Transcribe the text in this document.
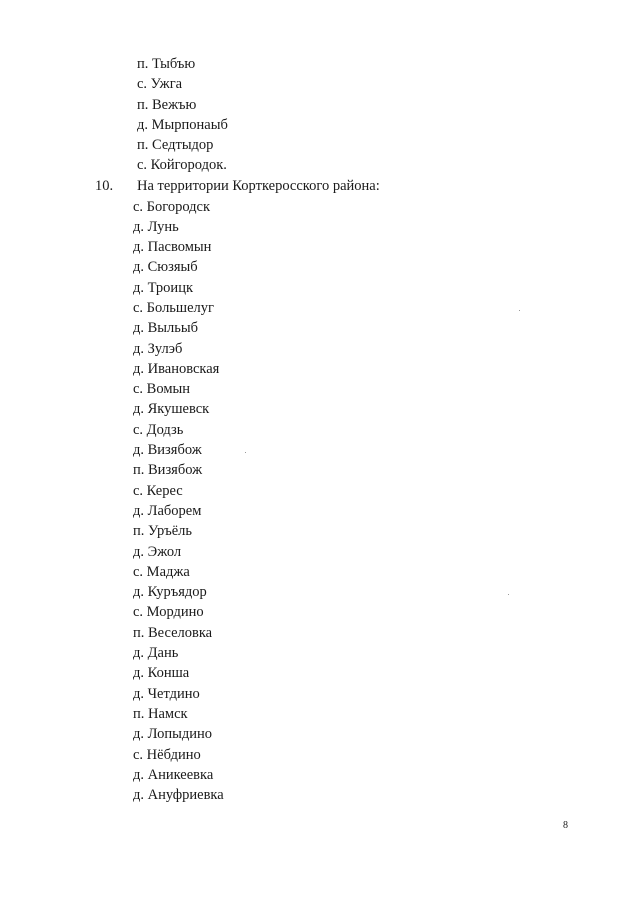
п. Тыбъю
с. Ужга
п. Вежъю
д. Мырпонаыб
п. Седтыдор
с. Койгородок.
10. На территории Корткеросского района:
с. Богородск
д. Лунь
д. Пасвомын
д. Сюзяыб
д. Троицк
с. Большелуг
д. Выльыб
д. Зулэб
д. Ивановская
с. Вомын
д. Якушевск
с. Додзь
д. Визябож
п. Визябож
с. Керес
д. Лаборем
п. Уръёль
д. Эжол
с. Маджа
д. Куръядор
с. Мордино
п. Веселовка
д. Дань
д. Конша
д. Четдино
п. Намск
д. Лопыдино
с. Нёбдино
д. Аникеевка
д. Ануфриевка
8
